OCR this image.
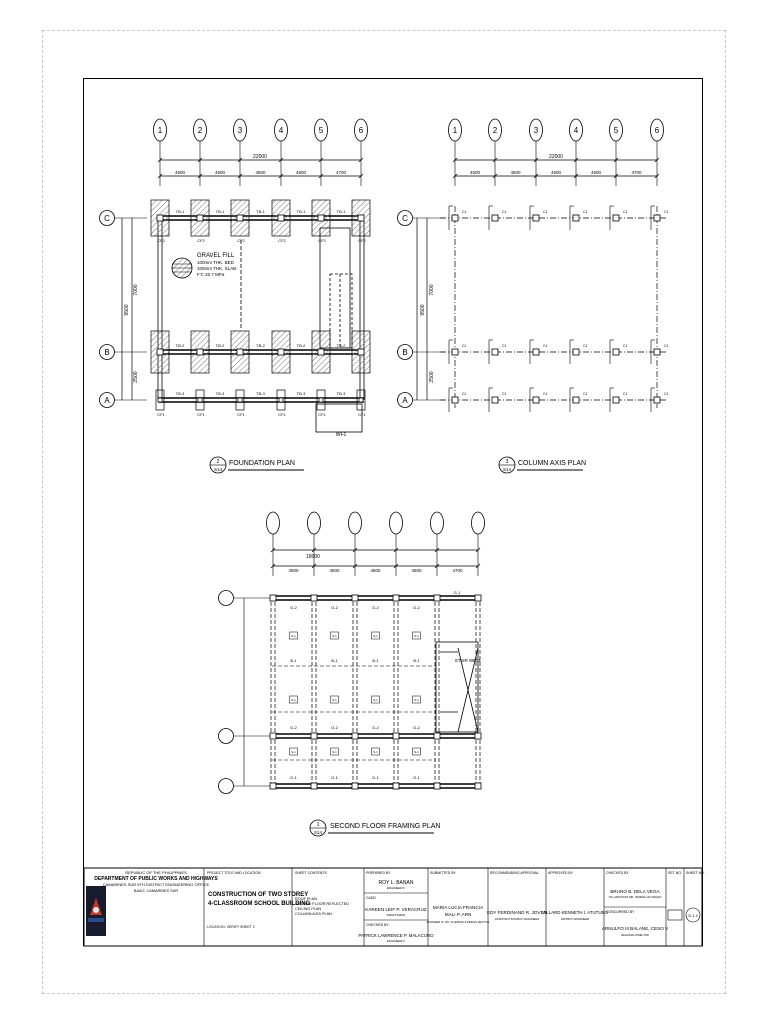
1	2	3	4	5	6
C
B
A
22000
4500	4500	4500	4500	4700
9500
7000
2500
CF2
CF1
CF2
CF1
CF2
CF1
CF2
CF1
CF2
CF1
CF2
CF1
WF1
GRAVEL FILL
100mm THK. BED
100mm THK. SLAB
F'C 20.7 MPa
TB-1
TB-2
TB-3
TB-1
TB-2
TB-3
TB-1
TB-2
TB-3
TB-1
TB-2
TB-3
TB-1
TB-2
TB-3
2
S14
FOUNDATION PLAN
1	2	3	4	5	6
C
B
A
22000
4500	4500	4500	4500	4700
9500
7000
2500
C1
C1
C1
C1
C1
C1
C1
C1
C1
C1
C1
C1
C1
C1
C1
C1
C1
C1
3
S14
COLUMN AXIS PLAN
18000
4500	4500	4500	4500	4700
STAIR WELL
G-2
B-1
G-2
G-1
S-1
S-1
S-1
G-2
B-1
G-2
G-1
S-1
S-1
S-1
G-2
B-1
G-2
G-1
S-1
S-1
S-1
G-2
B-1
G-2
G-1
S-1
S-1
S-1
G-1
1
S14
SECOND FLOOR FRAMING PLAN
REPUBLIC OF THE PHILIPPINES
DEPARTMENT OF PUBLIC WORKS AND HIGHWAYS
CAMARINES SUR 5TH DISTRICT ENGINEERING OFFICE
BAAO, CAMARINES SUR
PROJECT TITLE AND LOCATION
CONSTRUCTION OF TWO STOREY
4-CLASSROOM SCHOOL BUILDING
LOCATION: VERIFY SHEET 2
SHEET CONTENTS
ROOF PLAN
SECOND FLOOR REFLECTED
CEILING PLAN
COLUMN AXIS PLAN
PREPARED BY
ROY L. BANAN
ENGINEER II
CADD
KAREEN LEIF P. VERACRUZ
DRAFTSMAN
CHECKED BY
PATRICK LAWRENCE P. MALACURO
ENGINEER II
SUBMITTED BY
MARIA LUCIA FRANCIA
MALI P. ARN
ENGINEER III, OIC, PLANNING & DESIGN SECTION
RECOMMENDING APPROVAL
EDY FERDINAND R. JOVEN
ASSISTANT DISTRICT ENGINEER
APPROVED BY
VILLARD KENNETH I. ATUTUBO
DISTRICT ENGINEER
CHECKED BY
BRUNO B. DELA VEGA
OIC-ASSISTANT DIR., BUREAU OF DESIGN
CONCURRED BY
ARNULFO III BALANE, CESO V
REGIONAL DIRECTOR
SET NO. SHEET NO.
S-1 4
